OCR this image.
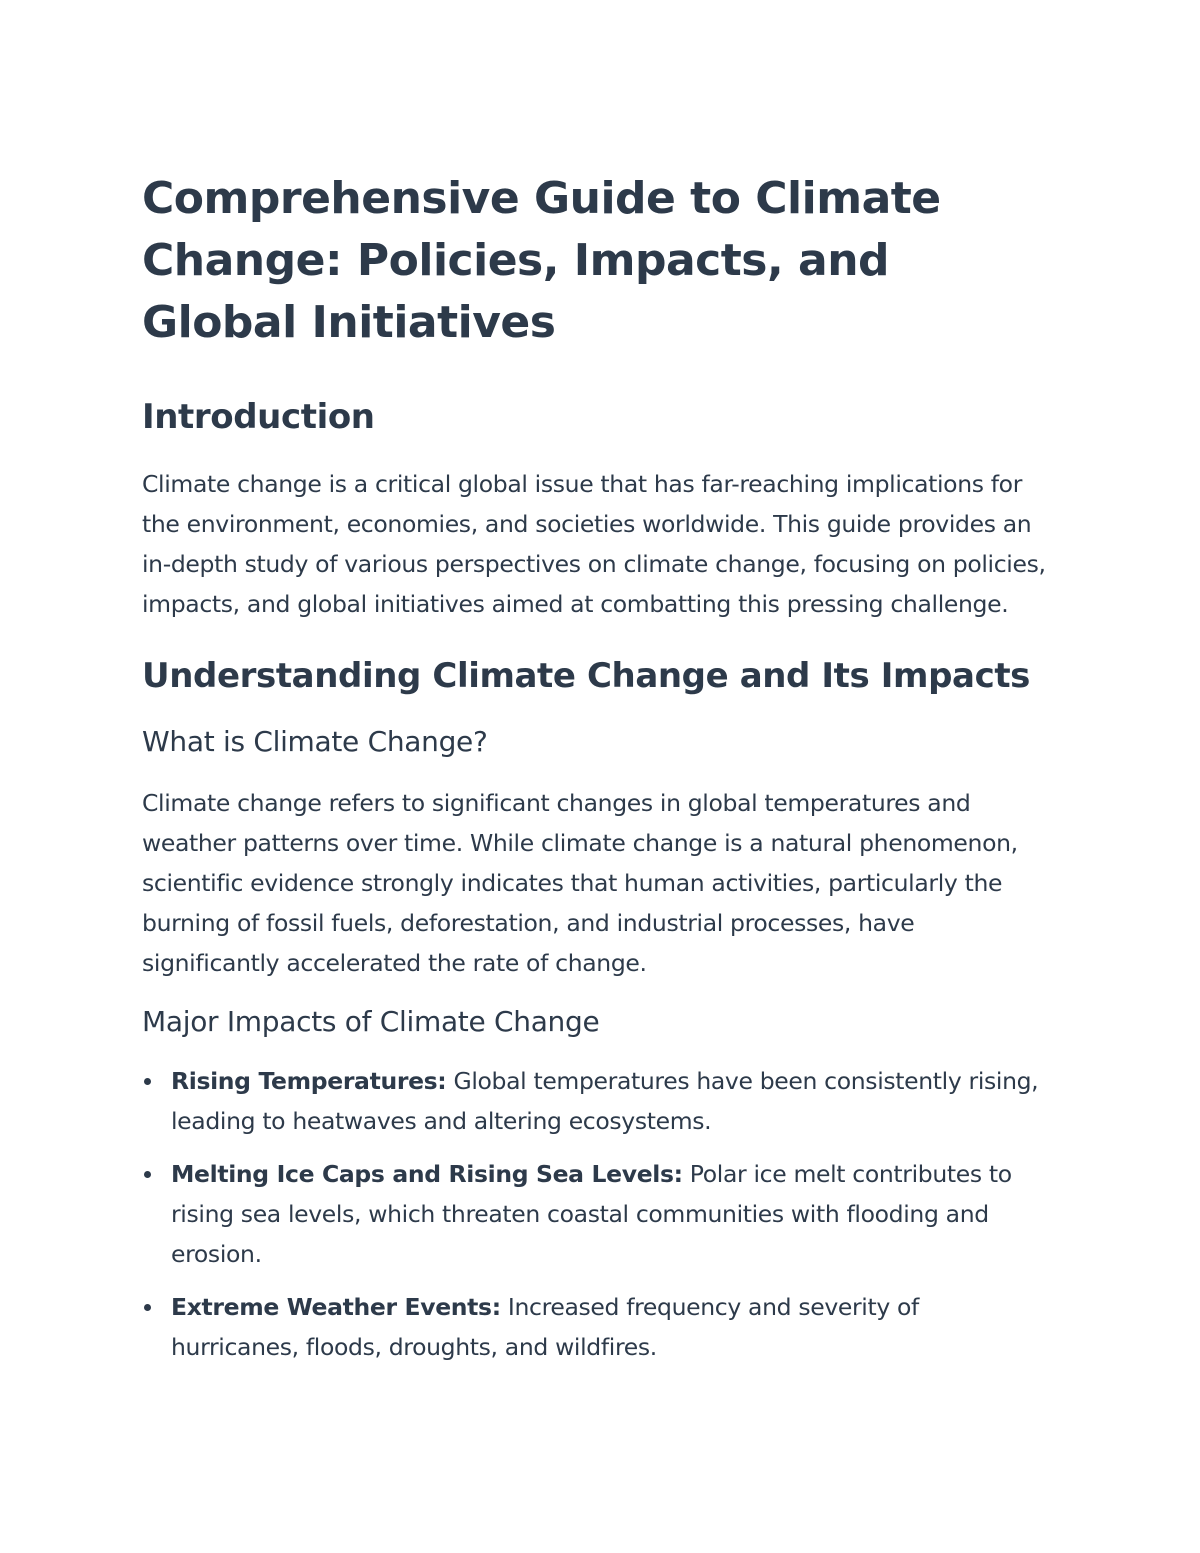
Comprehensive Guide to Climate Change: Policies, Impacts, and Global Initiatives
Introduction

Climate change is a critical global issue that has far-reaching implications for the environment, economies, and societies worldwide. This guide provides an in-depth study of various perspectives on climate change, focusing on policies, impacts, and global initiatives aimed at combatting this pressing challenge.

Understanding Climate Change and Its Impacts
What is Climate Change?

Climate change refers to significant changes in global temperatures and weather patterns over time. While climate change is a natural phenomenon, scientific evidence strongly indicates that human activities, particularly the burning of fossil fuels, deforestation, and industrial processes, have significantly accelerated the rate of change.

Major Impacts of Climate Change
Rising Temperatures: Global temperatures have been consistently rising, leading to heatwaves and altering ecosystems.
Melting Ice Caps and Rising Sea Levels: Polar ice melt contributes to rising sea levels, which threaten coastal communities with flooding and erosion.
Extreme Weather Events: Increased frequency and severity of hurricanes, floods, droughts, and wildfires.
